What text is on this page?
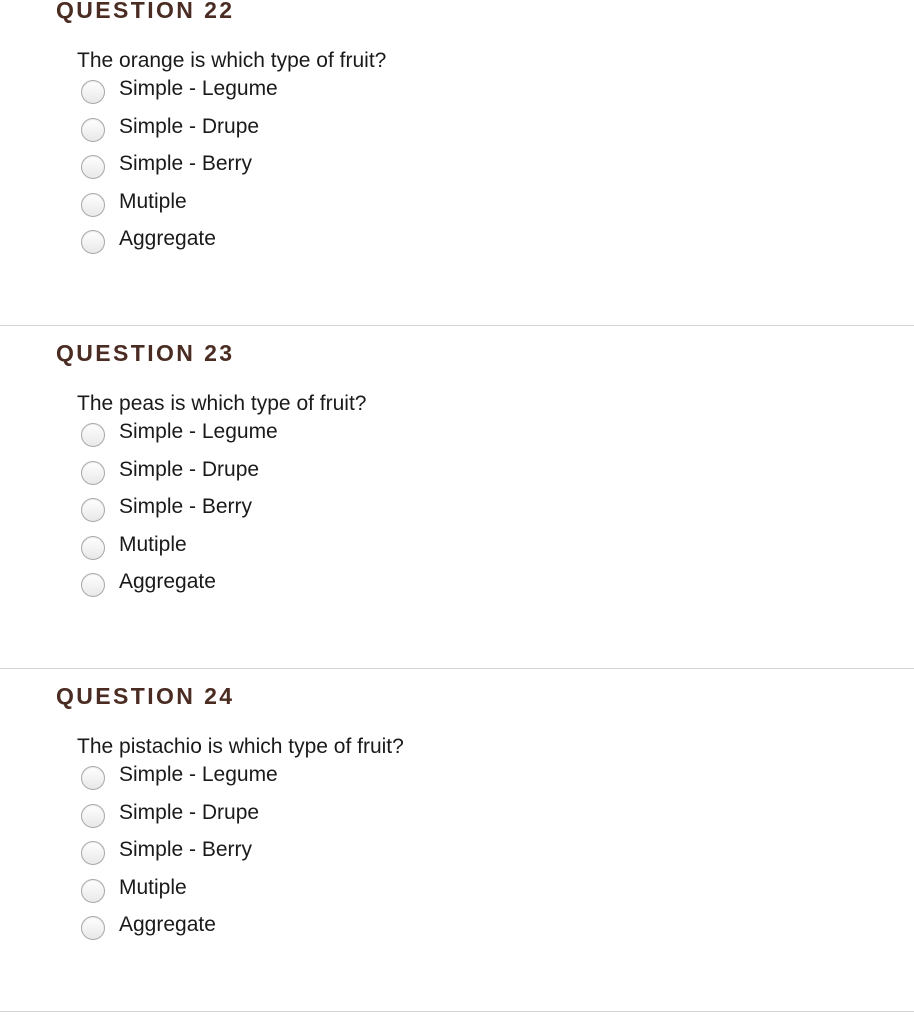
QUESTION 22
The orange is which type of fruit?
Simple - Legume
Simple - Drupe
Simple - Berry
Mutiple
Aggregate
QUESTION 23
The peas is which type of fruit?
Simple - Legume
Simple - Drupe
Simple - Berry
Mutiple
Aggregate
QUESTION 24
The pistachio is which type of fruit?
Simple - Legume
Simple - Drupe
Simple - Berry
Mutiple
Aggregate
